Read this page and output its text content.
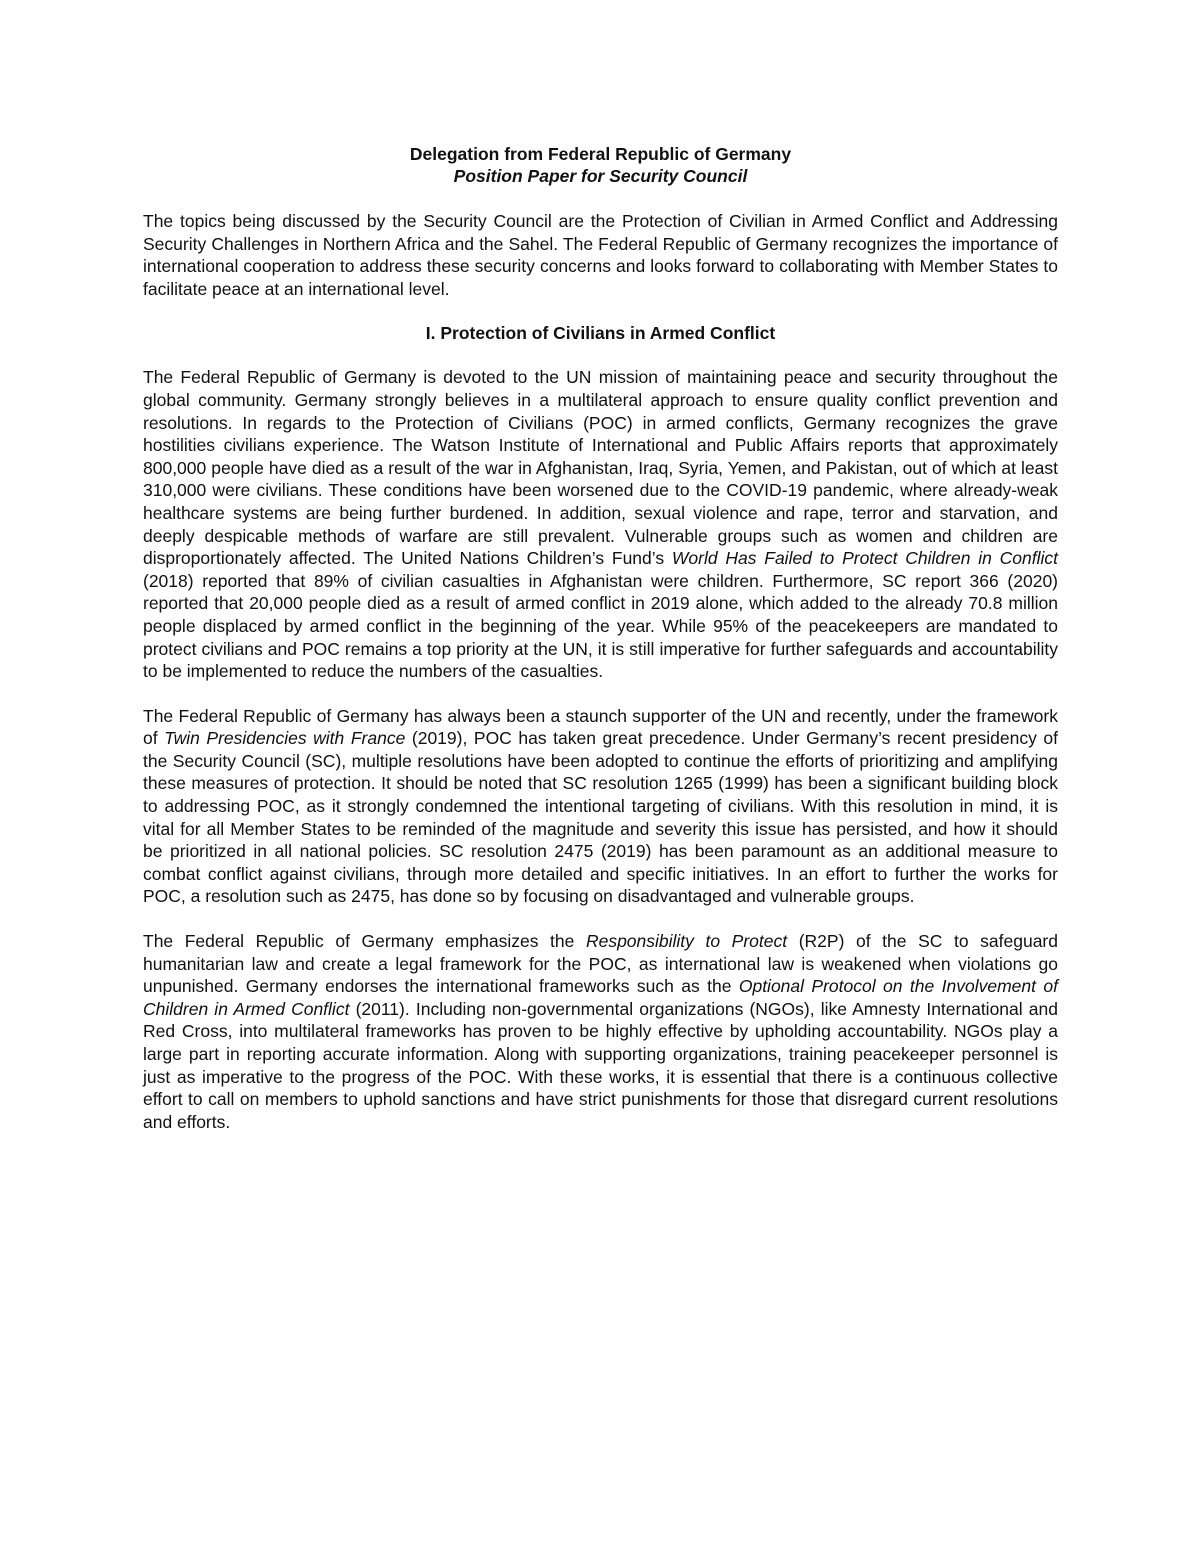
Delegation from Federal Republic of Germany
Position Paper for Security Council

The topics being discussed by the Security Council are the Protection of Civilian in Armed Conflict and Addressing Security Challenges in Northern Africa and the Sahel. The Federal Republic of Germany recognizes the importance of international cooperation to address these security concerns and looks forward to collaborating with Member States to facilitate peace at an international level.

I. Protection of Civilians in Armed Conflict

The Federal Republic of Germany is devoted to the UN mission of maintaining peace and security throughout the global community. Germany strongly believes in a multilateral approach to ensure quality conflict prevention and resolutions. In regards to the Protection of Civilians (POC) in armed conflicts, Germany recognizes the grave hostilities civilians experience. The Watson Institute of International and Public Affairs reports that approximately 800,000 people have died as a result of the war in Afghanistan, Iraq, Syria, Yemen, and Pakistan, out of which at least 310,000 were civilians. These conditions have been worsened due to the COVID-19 pandemic, where already-weak healthcare systems are being further burdened. In addition, sexual violence and rape, terror and starvation, and deeply despicable methods of warfare are still prevalent. Vulnerable groups such as women and children are disproportionately affected. The United Nations Children’s Fund’s World Has Failed to Protect Children in Conflict (2018) reported that 89% of civilian casualties in Afghanistan were children. Furthermore, SC report 366 (2020) reported that 20,000 people died as a result of armed conflict in 2019 alone, which added to the already 70.8 million people displaced by armed conflict in the beginning of the year. While 95% of the peacekeepers are mandated to protect civilians and POC remains a top priority at the UN, it is still imperative for further safeguards and accountability to be implemented to reduce the numbers of the casualties.

The Federal Republic of Germany has always been a staunch supporter of the UN and recently, under the framework of Twin Presidencies with France (2019), POC has taken great precedence. Under Germany’s recent presidency of the Security Council (SC), multiple resolutions have been adopted to continue the efforts of prioritizing and amplifying these measures of protection. It should be noted that SC resolution 1265 (1999) has been a significant building block to addressing POC, as it strongly condemned the intentional targeting of civilians. With this resolution in mind, it is vital for all Member States to be reminded of the magnitude and severity this issue has persisted, and how it should be prioritized in all national policies. SC resolution 2475 (2019) has been paramount as an additional measure to combat conflict against civilians, through more detailed and specific initiatives. In an effort to further the works for POC, a resolution such as 2475, has done so by focusing on disadvantaged and vulnerable groups.

The Federal Republic of Germany emphasizes the Responsibility to Protect (R2P) of the SC to safeguard humanitarian law and create a legal framework for the POC, as international law is weakened when violations go unpunished. Germany endorses the international frameworks such as the Optional Protocol on the Involvement of Children in Armed Conflict (2011). Including non-governmental organizations (NGOs), like Amnesty International and Red Cross, into multilateral frameworks has proven to be highly effective by upholding accountability. NGOs play a large part in reporting accurate information. Along with supporting organizations, training peacekeeper personnel is just as imperative to the progress of the POC. With these works, it is essential that there is a continuous collective effort to call on members to uphold sanctions and have strict punishments for those that disregard current resolutions and efforts.
